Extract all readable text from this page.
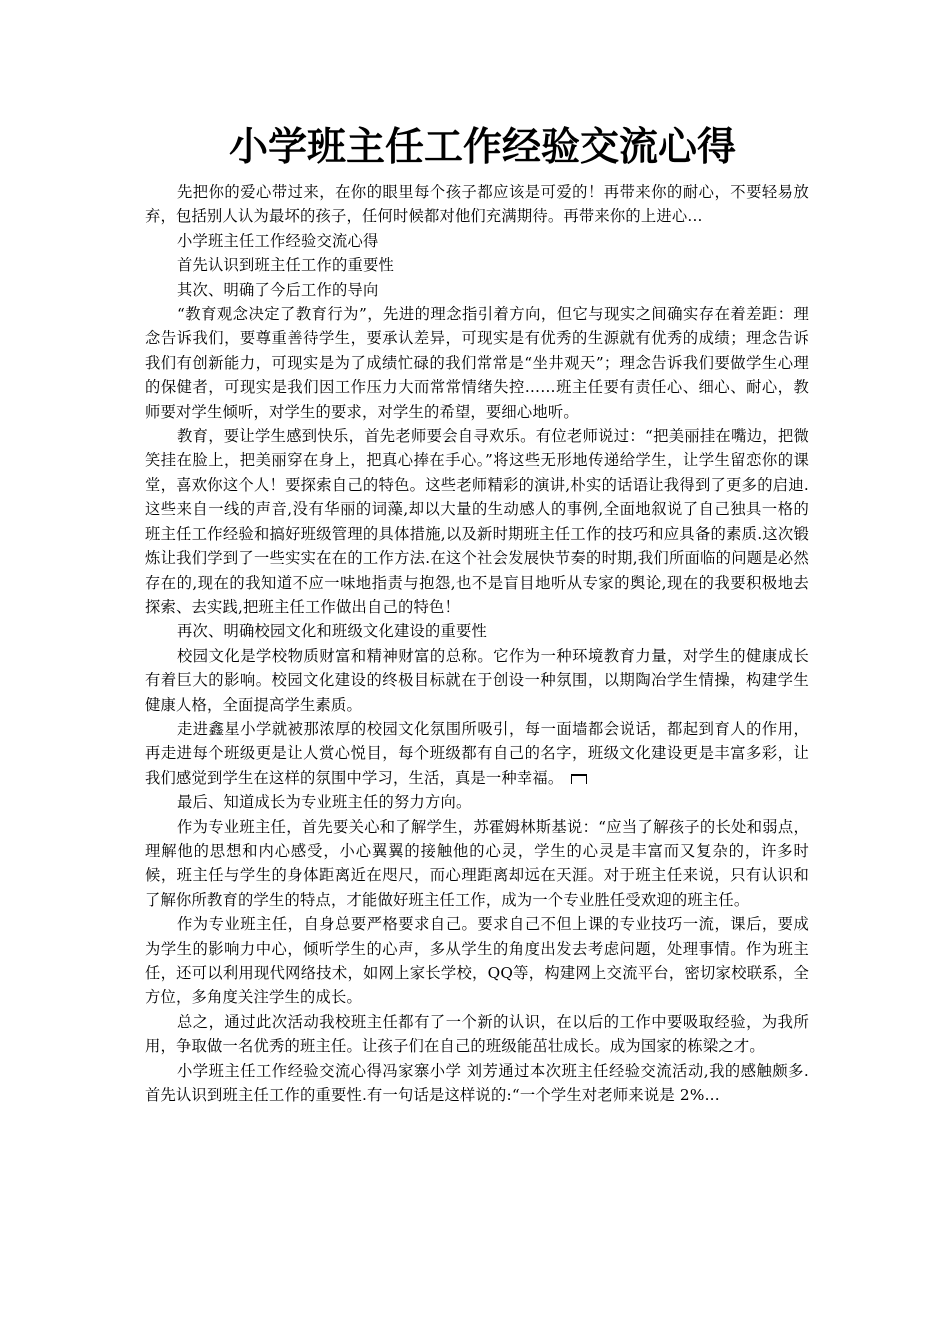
小学班主任工作经验交流心得

先把你的爱心带过来，在你的眼里每个孩子都应该是可爱的！再带来你的耐心，不要轻易放弃，包括别人认为最坏的孩子，任何时候都对他们充满期待。再带来你的上进心...

小学班主任工作经验交流心得

首先认识到班主任工作的重要性

其次、明确了今后工作的导向

“教育观念决定了教育行为”，先进的理念指引着方向，但它与现实之间确实存在着差距：理念告诉我们，要尊重善待学生，要承认差异，可现实是有优秀的生源就有优秀的成绩；理念告诉我们有创新能力，可现实是为了成绩忙碌的我们常常是“坐井观天”；理念告诉我们要做学生心理的保健者，可现实是我们因工作压力大而常常情绪失控……班主任要有责任心、细心、耐心，教师要对学生倾听，对学生的要求，对学生的希望，要细心地听。

教育，要让学生感到快乐，首先老师要会自寻欢乐。有位老师说过：“把美丽挂在嘴边，把微笑挂在脸上，把美丽穿在身上，把真心捧在手心。”将这些无形地传递给学生，让学生留恋你的课堂，喜欢你这个人！要探索自己的特色。这些老师精彩的演讲,朴实的话语让我得到了更多的启迪.这些来自一线的声音,没有华丽的词藻,却以大量的生动感人的事例,全面地叙说了自己独具一格的班主任工作经验和搞好班级管理的具体措施,以及新时期班主任工作的技巧和应具备的素质.这次锻炼让我们学到了一些实实在在的工作方法.在这个社会发展快节奏的时期,我们所面临的问题是必然存在的,现在的我知道不应一味地指责与抱怨,也不是盲目地听从专家的舆论,现在的我要积极地去探索、去实践,把班主任工作做出自己的特色！

再次、明确校园文化和班级文化建设的重要性

校园文化是学校物质财富和精神财富的总称。它作为一种环境教育力量，对学生的健康成长有着巨大的影响。校园文化建设的终极目标就在于创设一种氛围，以期陶冶学生情操，构建学生健康人格，全面提高学生素质。

走进鑫星小学就被那浓厚的校园文化氛围所吸引，每一面墙都会说话，都起到育人的作用，再走进每个班级更是让人赏心悦目，每个班级都有自己的名字，班级文化建设更是丰富多彩，让我们感觉到学生在这样的氛围中学习，生活，真是一种幸福。

最后、知道成长为专业班主任的努力方向。

作为专业班主任，首先要关心和了解学生，苏霍姆林斯基说：“应当了解孩子的长处和弱点，理解他的思想和内心感受，小心翼翼的接触他的心灵，学生的心灵是丰富而又复杂的，许多时候，班主任与学生的身体距离近在咫尺，而心理距离却远在天涯。对于班主任来说，只有认识和了解你所教育的学生的特点，才能做好班主任工作，成为一个专业胜任受欢迎的班主任。

作为专业班主任，自身总要严格要求自己。要求自己不但上课的专业技巧一流，课后，要成为学生的影响力中心，倾听学生的心声，多从学生的角度出发去考虑问题，处理事情。作为班主任，还可以利用现代网络技术，如网上家长学校，QQ等，构建网上交流平台，密切家校联系，全方位，多角度关注学生的成长。

总之，通过此次活动我校班主任都有了一个新的认识，在以后的工作中要吸取经验，为我所用，争取做一名优秀的班主任。让孩子们在自己的班级能茁壮成长。成为国家的栋梁之才。

小学班主任工作经验交流心得冯家寨小学 刘芳通过本次班主任经验交流活动,我的感触颇多. 首先认识到班主任工作的重要性.有一句话是这样说的:“一个学生对老师来说是 2%...
